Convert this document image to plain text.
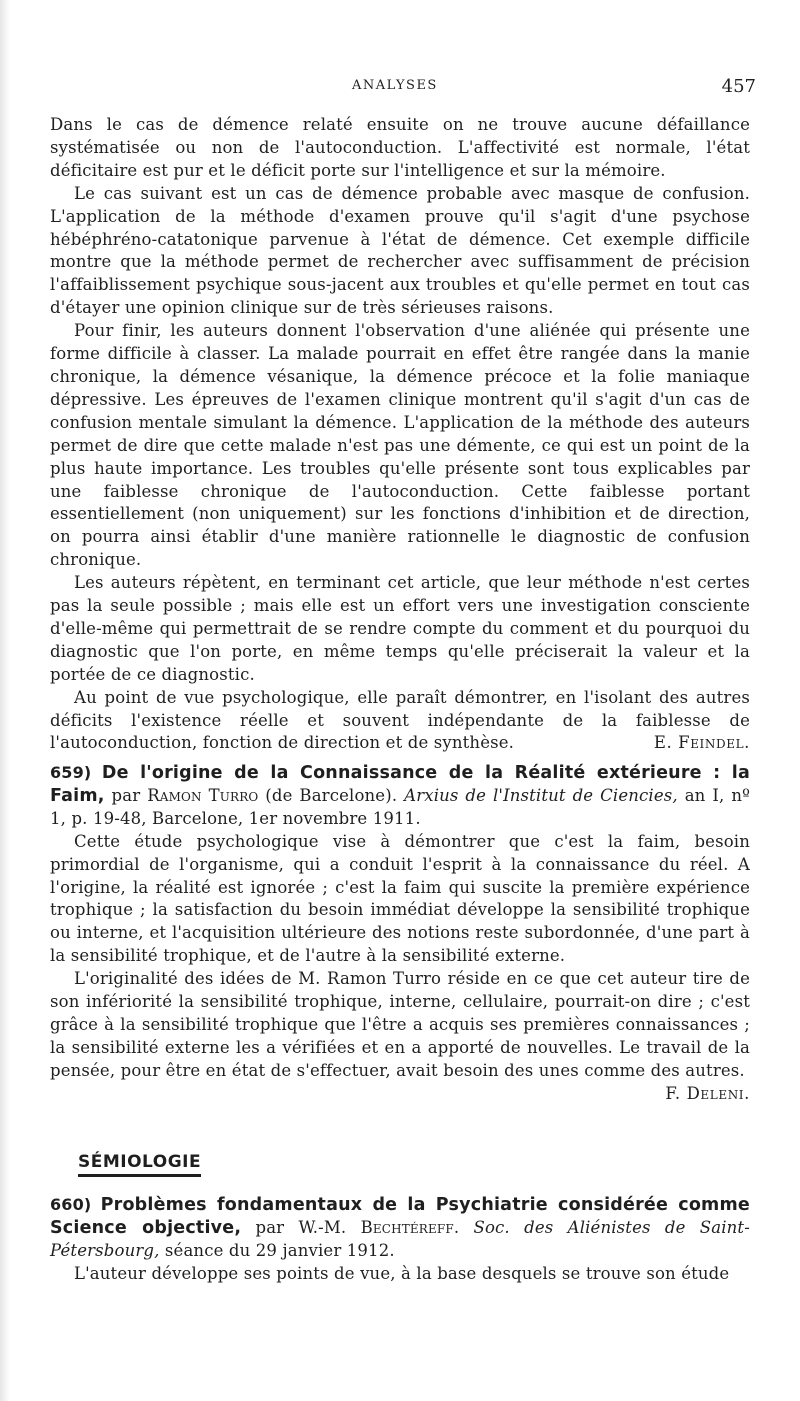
ANALYSES	457

Dans le cas de démence relaté ensuite on ne trouve aucune défaillance systématisée ou non de l'autoconduction. L'affectivité est normale, l'état déficitaire est pur et le déficit porte sur l'intelligence et sur la mémoire.

Le cas suivant est un cas de démence probable avec masque de confusion. L'application de la méthode d'examen prouve qu'il s'agit d'une psychose hébéphréno-catatonique parvenue à l'état de démence. Cet exemple difficile montre que la méthode permet de rechercher avec suffisamment de précision l'affaiblissement psychique sous-jacent aux troubles et qu'elle permet en tout cas d'étayer une opinion clinique sur de très sérieuses raisons.

Pour finir, les auteurs donnent l'observation d'une aliénée qui présente une forme difficile à classer. La malade pourrait en effet être rangée dans la manie chronique, la démence vésanique, la démence précoce et la folie maniaque dépressive. Les épreuves de l'examen clinique montrent qu'il s'agit d'un cas de confusion mentale simulant la démence. L'application de la méthode des auteurs permet de dire que cette malade n'est pas une démente, ce qui est un point de la plus haute importance. Les troubles qu'elle présente sont tous explicables par une faiblesse chronique de l'autoconduction. Cette faiblesse portant essentiellement (non uniquement) sur les fonctions d'inhibition et de direction, on pourra ainsi établir d'une manière rationnelle le diagnostic de confusion chronique.

Les auteurs répètent, en terminant cet article, que leur méthode n'est certes pas la seule possible ; mais elle est un effort vers une investigation consciente d'elle-même qui permettrait de se rendre compte du comment et du pourquoi du diagnostic que l'on porte, en même temps qu'elle préciserait la valeur et la portée de ce diagnostic.

Au point de vue psychologique, elle paraît démontrer, en l'isolant des autres déficits l'existence réelle et souvent indépendante de la faiblesse de l'autoconduction, fonction de direction et de synthèse.	E. Feindel.

659) De l'origine de la Connaissance de la Réalité extérieure : la Faim, par Ramon Turro (de Barcelone). Arxius de l'Institut de Ciencies, an I, nº 1, p. 19-48, Barcelone, 1er novembre 1911.

Cette étude psychologique vise à démontrer que c'est la faim, besoin primordial de l'organisme, qui a conduit l'esprit à la connaissance du réel. A l'origine, la réalité est ignorée ; c'est la faim qui suscite la première expérience trophique ; la satisfaction du besoin immédiat développe la sensibilité trophique ou interne, et l'acquisition ultérieure des notions reste subordonnée, d'une part à la sensibilité trophique, et de l'autre à la sensibilité externe.

L'originalité des idées de M. Ramon Turro réside en ce que cet auteur tire de son infériorité la sensibilité trophique, interne, cellulaire, pourrait-on dire ; c'est grâce à la sensibilité trophique que l'être a acquis ses premières connaissances ; la sensibilité externe les a vérifiées et en a apporté de nouvelles. Le travail de la pensée, pour être en état de s'effectuer, avait besoin des unes comme des autres.
F. Deleni.

SÉMIOLOGIE

660) Problèmes fondamentaux de la Psychiatrie considérée comme Science objective, par W.-M. Bechtéreff. Soc. des Aliénistes de Saint-Pétersbourg, séance du 29 janvier 1912.

L'auteur développe ses points de vue, à la base desquels se trouve son étude
